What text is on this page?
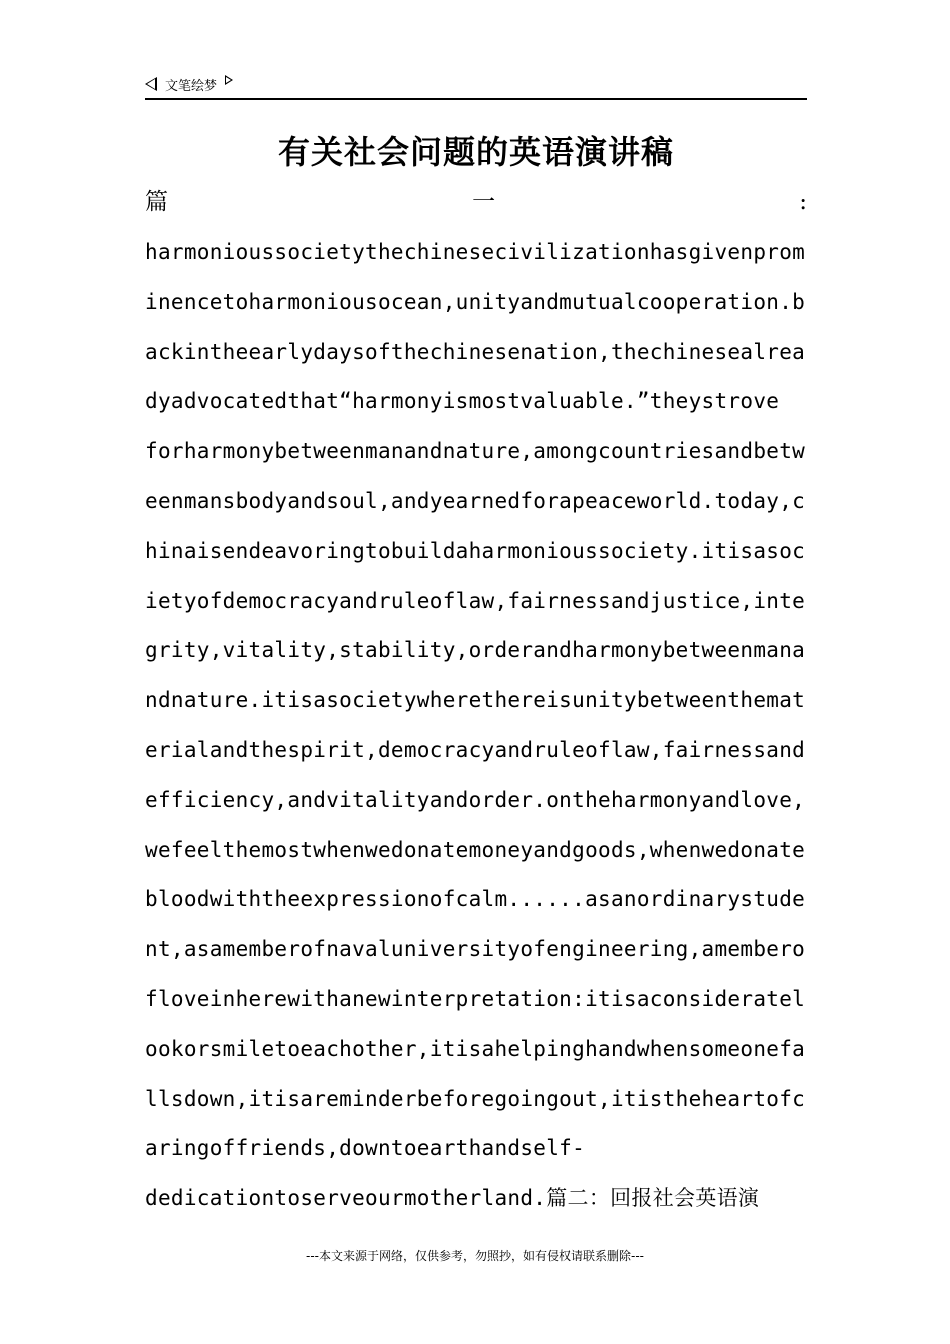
文笔绘梦
有关社会问题的英语演讲稿
篇	一	:
harmonioussocietythechinesecivilizationhasgivenprom
inencetoharmoniousocean,unityandmutualcooperation.b
ackintheearlydaysofthechinesenation,thechinesealrea
dyadvocatedthat“harmonyismostvaluable.”theystrove
forharmonybetweenmanandnature,amongcountriesandbetw
eenmansbodyandsoul,andyearnedforapeaceworld.today,c
hinaisendeavoringtobuildaharmonioussociety.itisasoc
ietyofdemocracyandruleoflaw,fairnessandjustice,inte
grity,vitality,stability,orderandharmonybetweenmana
ndnature.itisasocietywherethereisunitybetweenthemat
erialandthespirit,democracyandruleoflaw,fairnessand
efficiency,andvitalityandorder.ontheharmonyandlove,
wefeelthemostwhenwedonatemoneyandgoods,whenwedonate
bloodwiththeexpressionofcalm......asanordinarystude
nt,asamemberofnavaluniversityofengineering,amembero
floveinherewithanewinterpretation:itisaconsideratel
ookorsmiletoeachother,itisahelpinghandwhensomeonefa
llsdown,itisareminderbeforegoingout,itistheheartofc
aringoffriends,downtoearthandself-
dedicationtoserveourmotherland.篇二：回报社会英语演
---本文来源于网络，仅供参考，勿照抄，如有侵权请联系删除---
